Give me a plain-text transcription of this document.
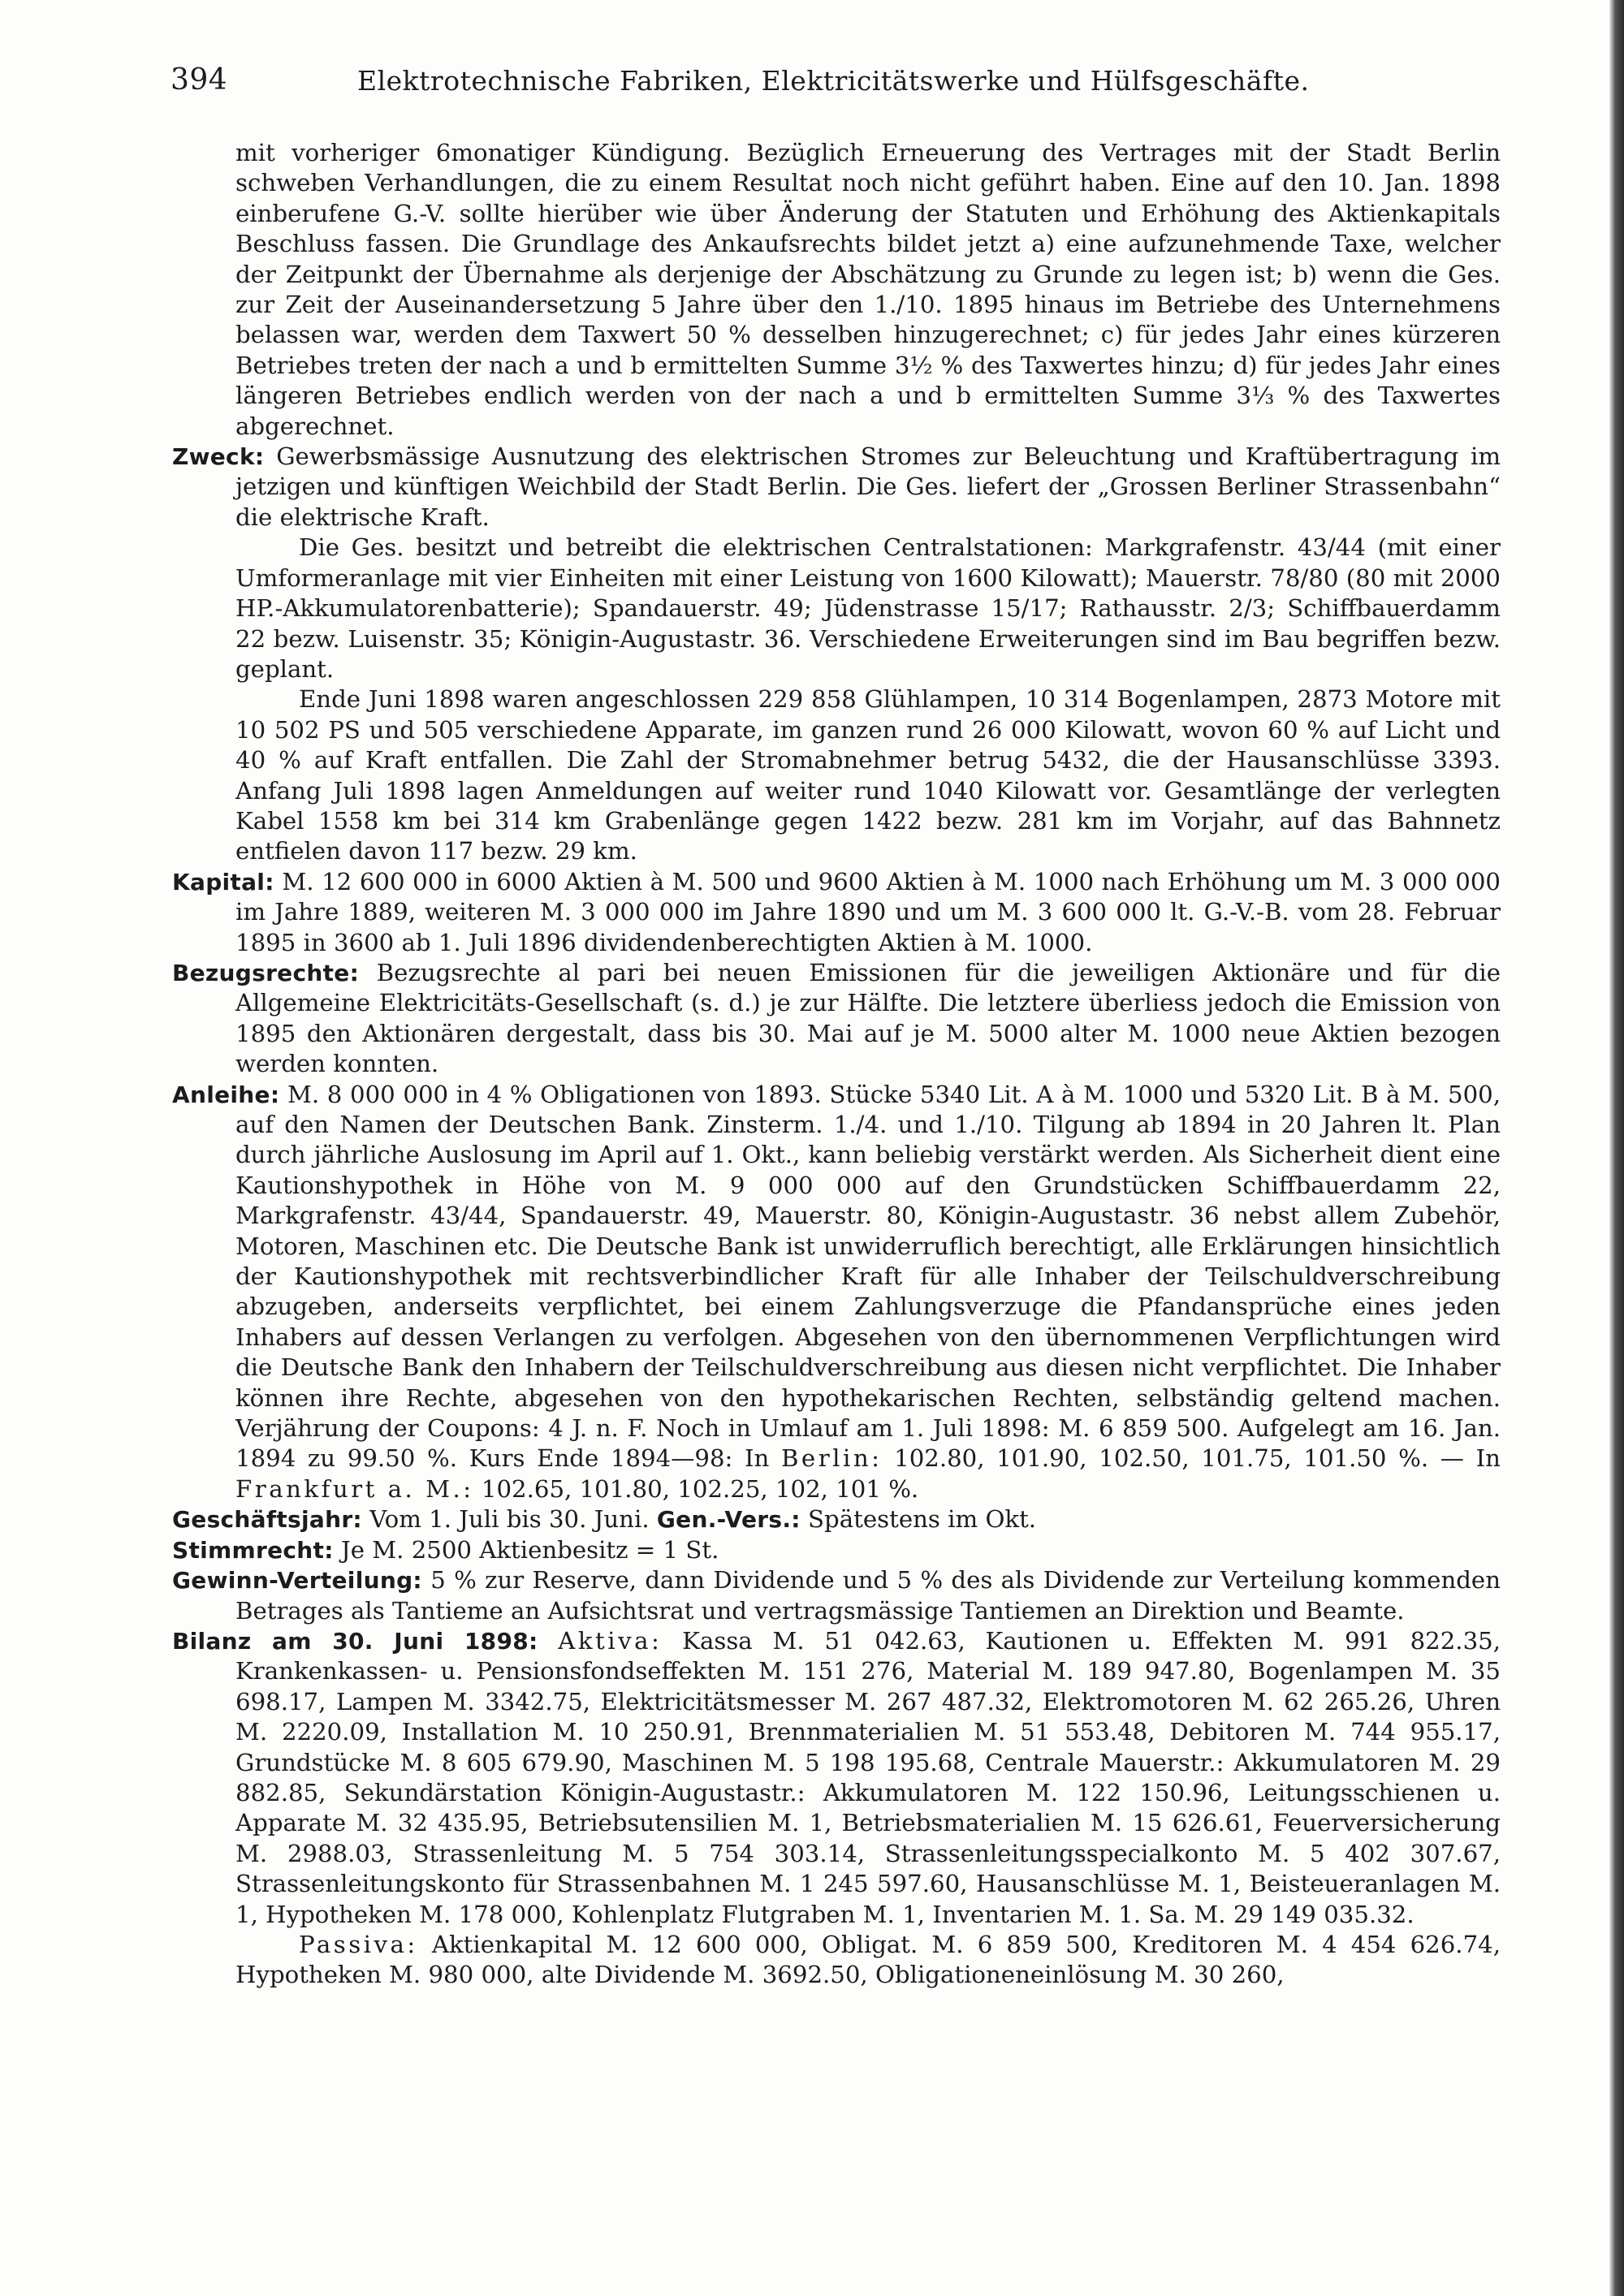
394	Elektrotechnische Fabriken, Elektricitätswerke und Hülfsgeschäfte.

mit vorheriger 6monatiger Kündigung. Bezüglich Erneuerung des Vertrages mit der Stadt Berlin schweben Verhandlungen, die zu einem Resultat noch nicht geführt haben. Eine auf den 10. Jan. 1898 einberufene G.-V. sollte hierüber wie über Änderung der Statuten und Erhöhung des Aktienkapitals Beschluss fassen. Die Grundlage des Ankaufsrechts bildet jetzt a) eine aufzunehmende Taxe, welcher der Zeitpunkt der Übernahme als derjenige der Abschätzung zu Grunde zu legen ist; b) wenn die Ges. zur Zeit der Auseinandersetzung 5 Jahre über den 1./10. 1895 hinaus im Betriebe des Unternehmens belassen war, werden dem Taxwert 50 % desselben hinzugerechnet; c) für jedes Jahr eines kürzeren Betriebes treten der nach a und b ermittelten Summe 3½ % des Taxwertes hinzu; d) für jedes Jahr eines längeren Betriebes endlich werden von der nach a und b ermittelten Summe 3⅓ % des Taxwertes abgerechnet.

Zweck: Gewerbsmässige Ausnutzung des elektrischen Stromes zur Beleuchtung und Kraftübertragung im jetzigen und künftigen Weichbild der Stadt Berlin. Die Ges. liefert der „Grossen Berliner Strassenbahn“ die elektrische Kraft.

Die Ges. besitzt und betreibt die elektrischen Centralstationen: Markgrafenstr. 43/44 (mit einer Umformeranlage mit vier Einheiten mit einer Leistung von 1600 Kilowatt); Mauerstr. 78/80 (80 mit 2000 HP.-Akkumulatorenbatterie); Spandauerstr. 49; Jüdenstrasse 15/17; Rathausstr. 2/3; Schiffbauerdamm 22 bezw. Luisenstr. 35; Königin-Augustastr. 36. Verschiedene Erweiterungen sind im Bau begriffen bezw. geplant.

Ende Juni 1898 waren angeschlossen 229 858 Glühlampen, 10 314 Bogenlampen, 2873 Motore mit 10 502 PS und 505 verschiedene Apparate, im ganzen rund 26 000 Kilowatt, wovon 60 % auf Licht und 40 % auf Kraft entfallen. Die Zahl der Stromabnehmer betrug 5432, die der Hausanschlüsse 3393. Anfang Juli 1898 lagen Anmeldungen auf weiter rund 1040 Kilowatt vor. Gesamtlänge der verlegten Kabel 1558 km bei 314 km Grabenlänge gegen 1422 bezw. 281 km im Vorjahr, auf das Bahnnetz entfielen davon 117 bezw. 29 km.

Kapital: M. 12 600 000 in 6000 Aktien à M. 500 und 9600 Aktien à M. 1000 nach Erhöhung um M. 3 000 000 im Jahre 1889, weiteren M. 3 000 000 im Jahre 1890 und um M. 3 600 000 lt. G.-V.-B. vom 28. Februar 1895 in 3600 ab 1. Juli 1896 dividendenberechtigten Aktien à M. 1000.

Bezugsrechte: Bezugsrechte al pari bei neuen Emissionen für die jeweiligen Aktionäre und für die Allgemeine Elektricitäts-Gesellschaft (s. d.) je zur Hälfte. Die letztere überliess jedoch die Emission von 1895 den Aktionären dergestalt, dass bis 30. Mai auf je M. 5000 alter M. 1000 neue Aktien bezogen werden konnten.

Anleihe: M. 8 000 000 in 4 % Obligationen von 1893. Stücke 5340 Lit. A à M. 1000 und 5320 Lit. B à M. 500, auf den Namen der Deutschen Bank. Zinsterm. 1./4. und 1./10. Tilgung ab 1894 in 20 Jahren lt. Plan durch jährliche Auslosung im April auf 1. Okt., kann beliebig verstärkt werden. Als Sicherheit dient eine Kautionshypothek in Höhe von M. 9 000 000 auf den Grundstücken Schiffbauerdamm 22, Markgrafenstr. 43/44, Spandauerstr. 49, Mauerstr. 80, Königin-Augustastr. 36 nebst allem Zubehör, Motoren, Maschinen etc. Die Deutsche Bank ist unwiderruflich berechtigt, alle Erklärungen hinsichtlich der Kautionshypothek mit rechtsverbindlicher Kraft für alle Inhaber der Teilschuldverschreibung abzugeben, anderseits verpflichtet, bei einem Zahlungsverzuge die Pfandansprüche eines jeden Inhabers auf dessen Verlangen zu verfolgen. Abgesehen von den übernommenen Verpflichtungen wird die Deutsche Bank den Inhabern der Teilschuldverschreibung aus diesen nicht verpflichtet. Die Inhaber können ihre Rechte, abgesehen von den hypothekarischen Rechten, selbständig geltend machen. Verjährung der Coupons: 4 J. n. F. Noch in Umlauf am 1. Juli 1898: M. 6 859 500. Aufgelegt am 16. Jan. 1894 zu 99.50 %. Kurs Ende 1894—98: In Berlin: 102.80, 101.90, 102.50, 101.75, 101.50 %. — In Frankfurt a. M.: 102.65, 101.80, 102.25, 102, 101 %.

Geschäftsjahr: Vom 1. Juli bis 30. Juni. Gen.-Vers.: Spätestens im Okt.

Stimmrecht: Je M. 2500 Aktienbesitz = 1 St.

Gewinn-Verteilung: 5 % zur Reserve, dann Dividende und 5 % des als Dividende zur Verteilung kommenden Betrages als Tantieme an Aufsichtsrat und vertragsmässige Tantiemen an Direktion und Beamte.

Bilanz am 30. Juni 1898: Aktiva: Kassa M. 51 042.63, Kautionen u. Effekten M. 991 822.35, Krankenkassen- u. Pensionsfondseffekten M. 151 276, Material M. 189 947.80, Bogenlampen M. 35 698.17, Lampen M. 3342.75, Elektricitätsmesser M. 267 487.32, Elektromotoren M. 62 265.26, Uhren M. 2220.09, Installation M. 10 250.91, Brennmaterialien M. 51 553.48, Debitoren M. 744 955.17, Grundstücke M. 8 605 679.90, Maschinen M. 5 198 195.68, Centrale Mauerstr.: Akkumulatoren M. 29 882.85, Sekundärstation Königin-Augustastr.: Akkumulatoren M. 122 150.96, Leitungsschienen u. Apparate M. 32 435.95, Betriebsutensilien M. 1, Betriebsmaterialien M. 15 626.61, Feuerversicherung M. 2988.03, Strassenleitung M. 5 754 303.14, Strassenleitungsspecialkonto M. 5 402 307.67, Strassenleitungskonto für Strassenbahnen M. 1 245 597.60, Hausanschlüsse M. 1, Beisteueranlagen M. 1, Hypotheken M. 178 000, Kohlenplatz Flutgraben M. 1, Inventarien M. 1. Sa. M. 29 149 035.32.

Passiva: Aktienkapital M. 12 600 000, Obligat. M. 6 859 500, Kreditoren M. 4 454 626.74, Hypotheken M. 980 000, alte Dividende M. 3692.50, Obligationeneinlösung M. 30 260,
